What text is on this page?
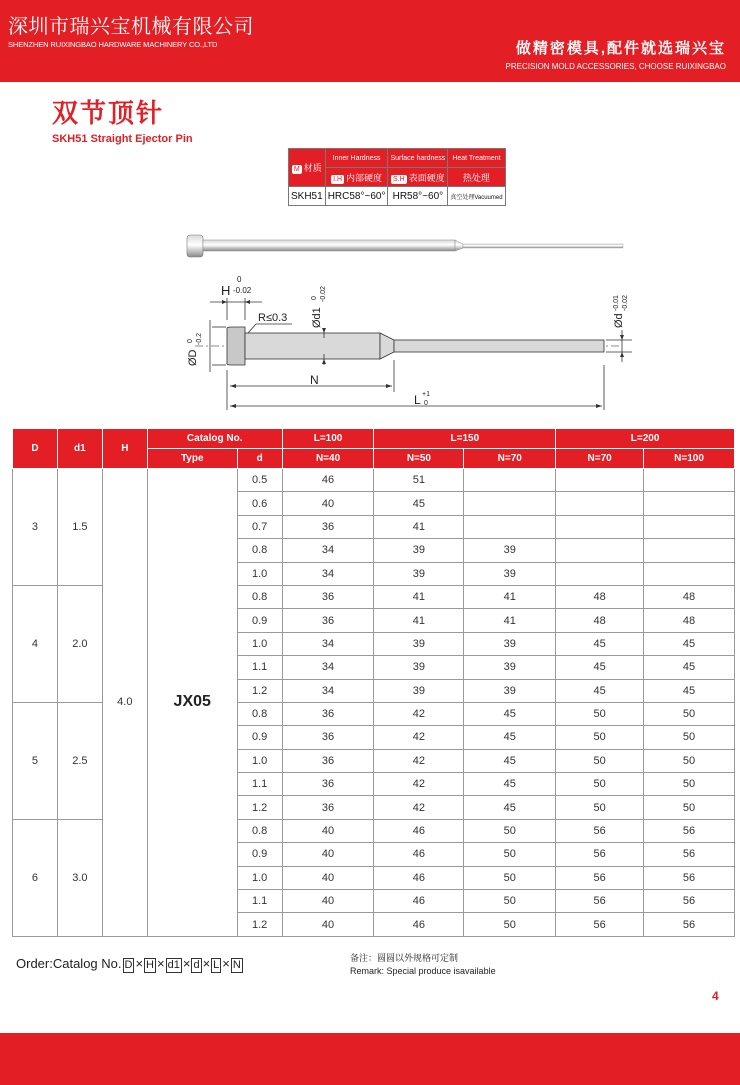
深圳市瑞兴宝机械有限公司
SHENZHEN RUIXINGBAO HARDWARE MACHINERY CO.,LTD	做精密模具,配件就选瑞兴宝
PRECISION MOLD ACCESSORIES, CHOOSE RUIXINGBAO
双节顶针
SKH51 Straight Ejector Pin
M 材质	Inner Hardness	Surface hardness	Heat Treatment
	I.H 内部硬度	S.H 表面硬度	热处理
SKH51	HRC58°~60°	HR58°~60°	真空处理Vacuumed
H
0
-0.02
R≤0.3 Ød1
0 -0.02
ØD
0 -0.2
Ød
-0.01 -0.02
N
L +1
0
D	d1	H	Catalog No.		L=100	L=150		L=200	
			Type	d	N=40	N=50	N=70	N=70	N=100
3	1.5	4.0	JX05	0.5	46	51			
				0.6	40	45			
				0.7	36	41			
				0.8	34	39	39		
				1.0	34	39	39		
4	2.0			0.8	36	41	41	48	48
				0.9	36	41	41	48	48
				1.0	34	39	39	45	45
				1.1	34	39	39	45	45
				1.2	34	39	39	45	45
5	2.5			0.8	36	42	45	50	50
				0.9	36	42	45	50	50
				1.0	36	42	45	50	50
				1.1	36	42	45	50	50
				1.2	36	42	45	50	50
6	3.0			0.8	40	46	50	56	56
				0.9	40	46	50	56	56
				1.0	40	46	50	56	56
				1.1	40	46	50	56	56
				1.2	40	46	50	56	56
Order:Catalog No. D × H × d1 × d × L × N
备注：圆圆以外规格可定制
Remark: Special produce isavailable
4
